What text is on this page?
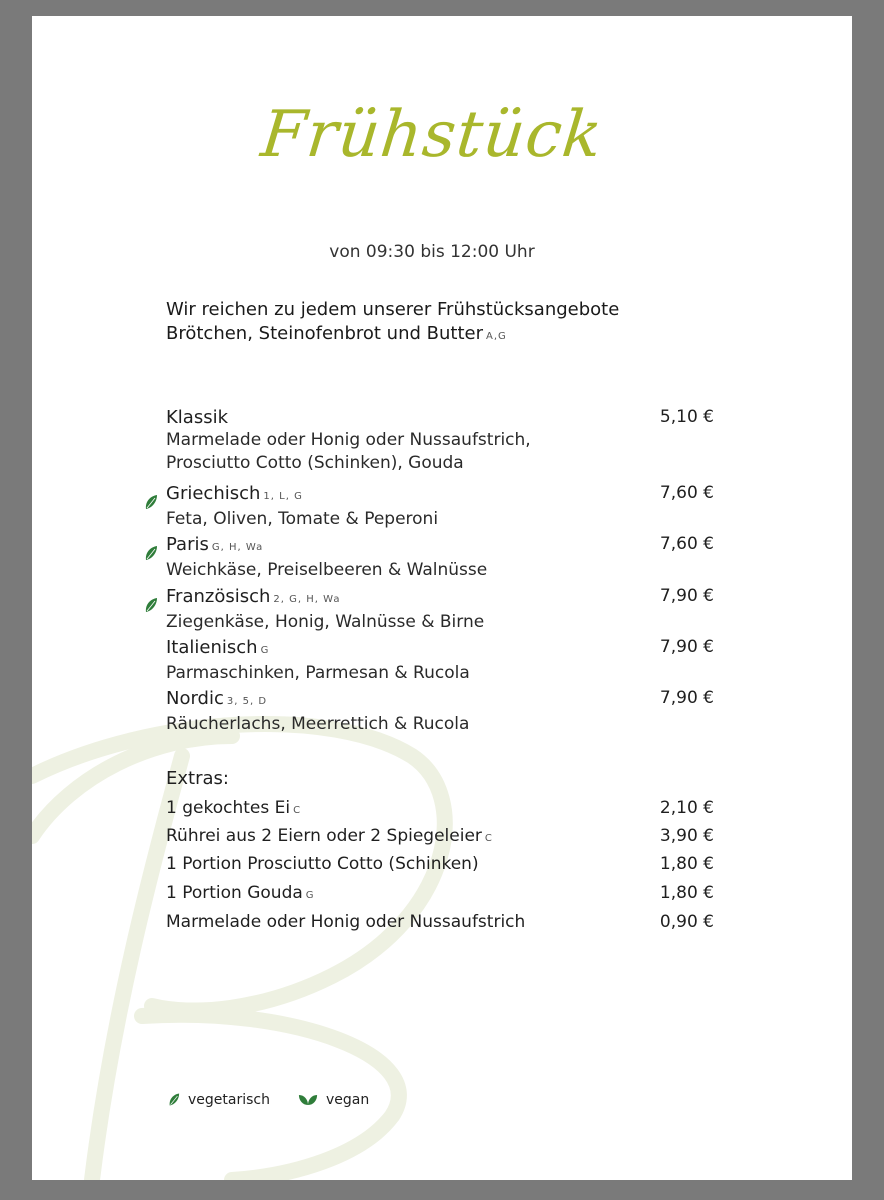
Frühstück
von 09:30 bis 12:00 Uhr
Wir reichen zu jedem unserer Frühstücksangebote
Brötchen, Steinofenbrot und Butter A,G
Klassik
Marmelade oder Honig oder Nussaufstrich,
Prosciutto Cotto (Schinken), Gouda
5,10 €
Griechisch 1, L, G
Feta, Oliven, Tomate & Peperoni
7,60 €
Paris G, H, Wa
Weichkäse, Preiselbeeren & Walnüsse
7,60 €
Französisch 2, G, H, Wa
Ziegenkäse, Honig, Walnüsse & Birne
7,90 €
Italienisch G
Parmaschinken, Parmesan & Rucola
7,90 €
Nordic 3, 5, D
Räucherlachs, Meerrettich & Rucola
7,90 €
Extras:
1 gekochtes Ei C	2,10 €
Rührei aus 2 Eiern oder 2 Spiegeleier C	3,90 €
1 Portion Prosciutto Cotto (Schinken)	1,80 €
1 Portion Gouda G	1,80 €
Marmelade oder Honig oder Nussaufstrich	0,90 €
vegetarisch	vegan
